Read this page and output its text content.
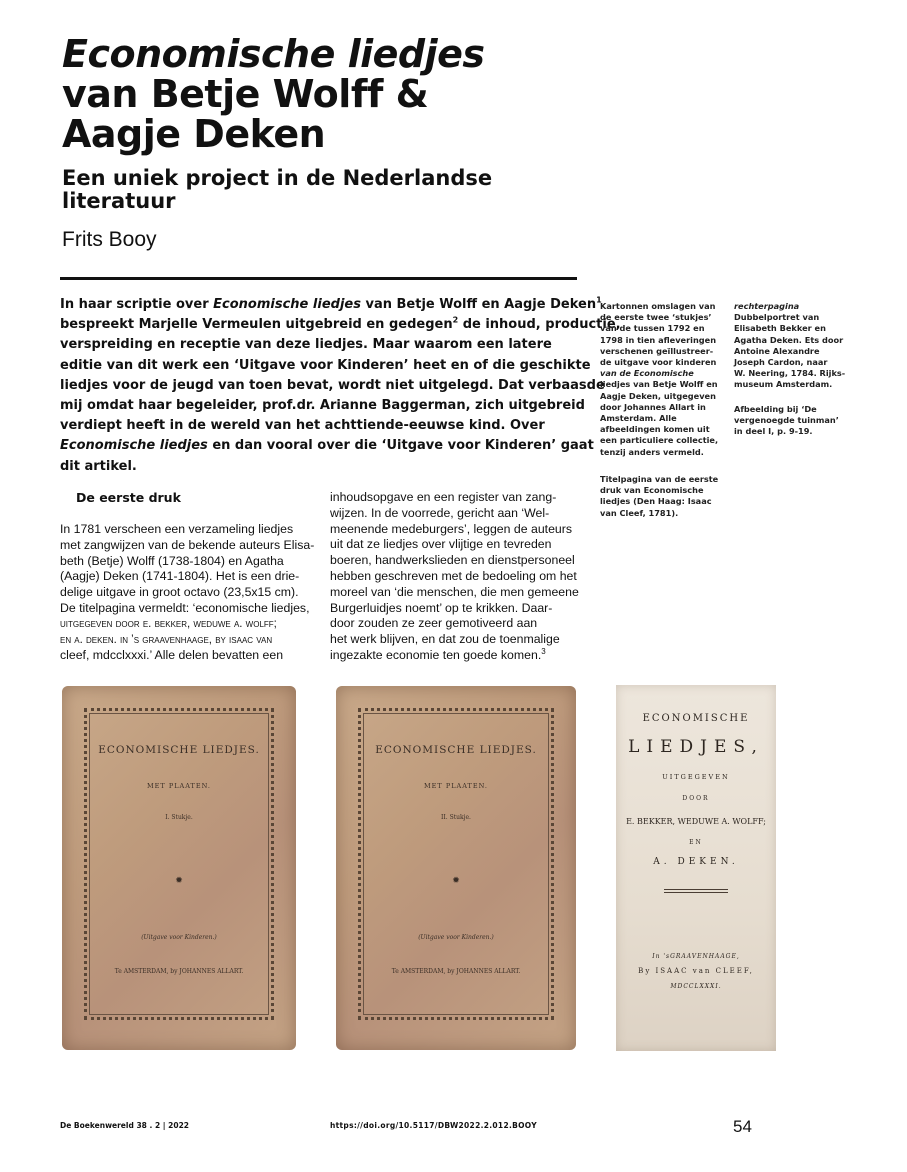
Economische liedjes
van Betje Wolff &
Aagje Deken
Een uniek project in de Nederlandse
literatuur
Frits Booy
In haar scriptie over Economische liedjes van Betje Wolff en Aagje Deken$^1$
bespreekt Marjelle Vermeulen uitgebreid en gedegen$^2$ de inhoud, productie,
verspreiding en receptie van deze liedjes. Maar waarom een latere
editie van dit werk een ‘Uitgave voor Kinderen’ heet en of die geschikte
liedjes voor de jeugd van toen bevat, wordt niet uitgelegd. Dat verbaasde
mij omdat haar begeleider, prof.dr. Arianne Baggerman, zich uitgebreid
verdiept heeft in de wereld van het achttiende-eeuwse kind. Over
Economische liedjes en dan vooral over die ‘Uitgave voor Kinderen’ gaat
dit artikel.
Kartonnen omslagen van
de eerste twee ‘stukjes’
van de tussen 1792 en
1798 in tien afleveringen
verschenen geïllustreer-
de uitgave voor kinderen
van de Economische
liedjes van Betje Wolff en
Aagje Deken, uitgegeven
door Johannes Allart in
Amsterdam. Alle
afbeeldingen komen uit
een particuliere collectie,
tenzij anders vermeld.
Titelpagina van de eerste
druk van Economische
liedjes (Den Haag: Isaac
van Cleef, 1781).
rechterpagina
Dubbelportret van
Elisabeth Bekker en
Agatha Deken. Ets door
Antoine Alexandre
Joseph Cardon, naar
W. Neering, 1784. Rijks-
museum Amsterdam.
Afbeelding bij ‘De
vergenoegde tuinman’
in deel I, p. 9-19.
De eerste druk
In 1781 verscheen een verzameling liedjes
met zangwijzen van de bekende auteurs Elisa-
beth (Betje) Wolff (1738-1804) en Agatha
(Aagje) Deken (1741-1804). Het is een drie-
delige uitgave in groot octavo (23,5x15 cm).
De titelpagina vermeldt: ‘economische liedjes,
uitgegeven door e. bekker, weduwe a. wolff;
en a. deken. in ’s graavenhaage, by isaac van
cleef, mdcclxxxi.’ Alle delen bevatten een
inhoudsopgave en een register van zang-
wijzen. In de voorrede, gericht aan ‘Wel-
meenende medeburgers’, leggen de auteurs
uit dat ze liedjes over vlijtige en tevreden
boeren, handwerkslieden en dienstpersoneel
hebben geschreven met de bedoeling om het
moreel van ‘die menschen, die men gemeene
Burgerluidjes noemt’ op te krikken. Daar-
door zouden ze zeer gemotiveerd aan
het werk blijven, en dat zou de toenmalige
ingezakte economie ten goede komen.$^3$
ECONOMISCHE LIEDJES.
MET PLAATEN.
I. Stukje.
✹
(Uitgave voor Kinderen.)
Te AMSTERDAM, by JOHANNES ALLART.
ECONOMISCHE LIEDJES.
MET PLAATEN.
II. Stukje.
✹
(Uitgave voor Kinderen.)
Te AMSTERDAM, by JOHANNES ALLART.
ECONOMISCHE
LIEDJES,
UITGEGEVEN
DOOR
E. BEKKER, WEDUWE A. WOLFF;
EN
A. DEKEN.
In 'sGRAAVENHAAGE,
By ISAAC van CLEEF,
MDCCLXXXI.
De Boekenwereld 38 . 2 | 2022	https://doi.org/10.5117/DBW2022.2.012.BOOY	54
